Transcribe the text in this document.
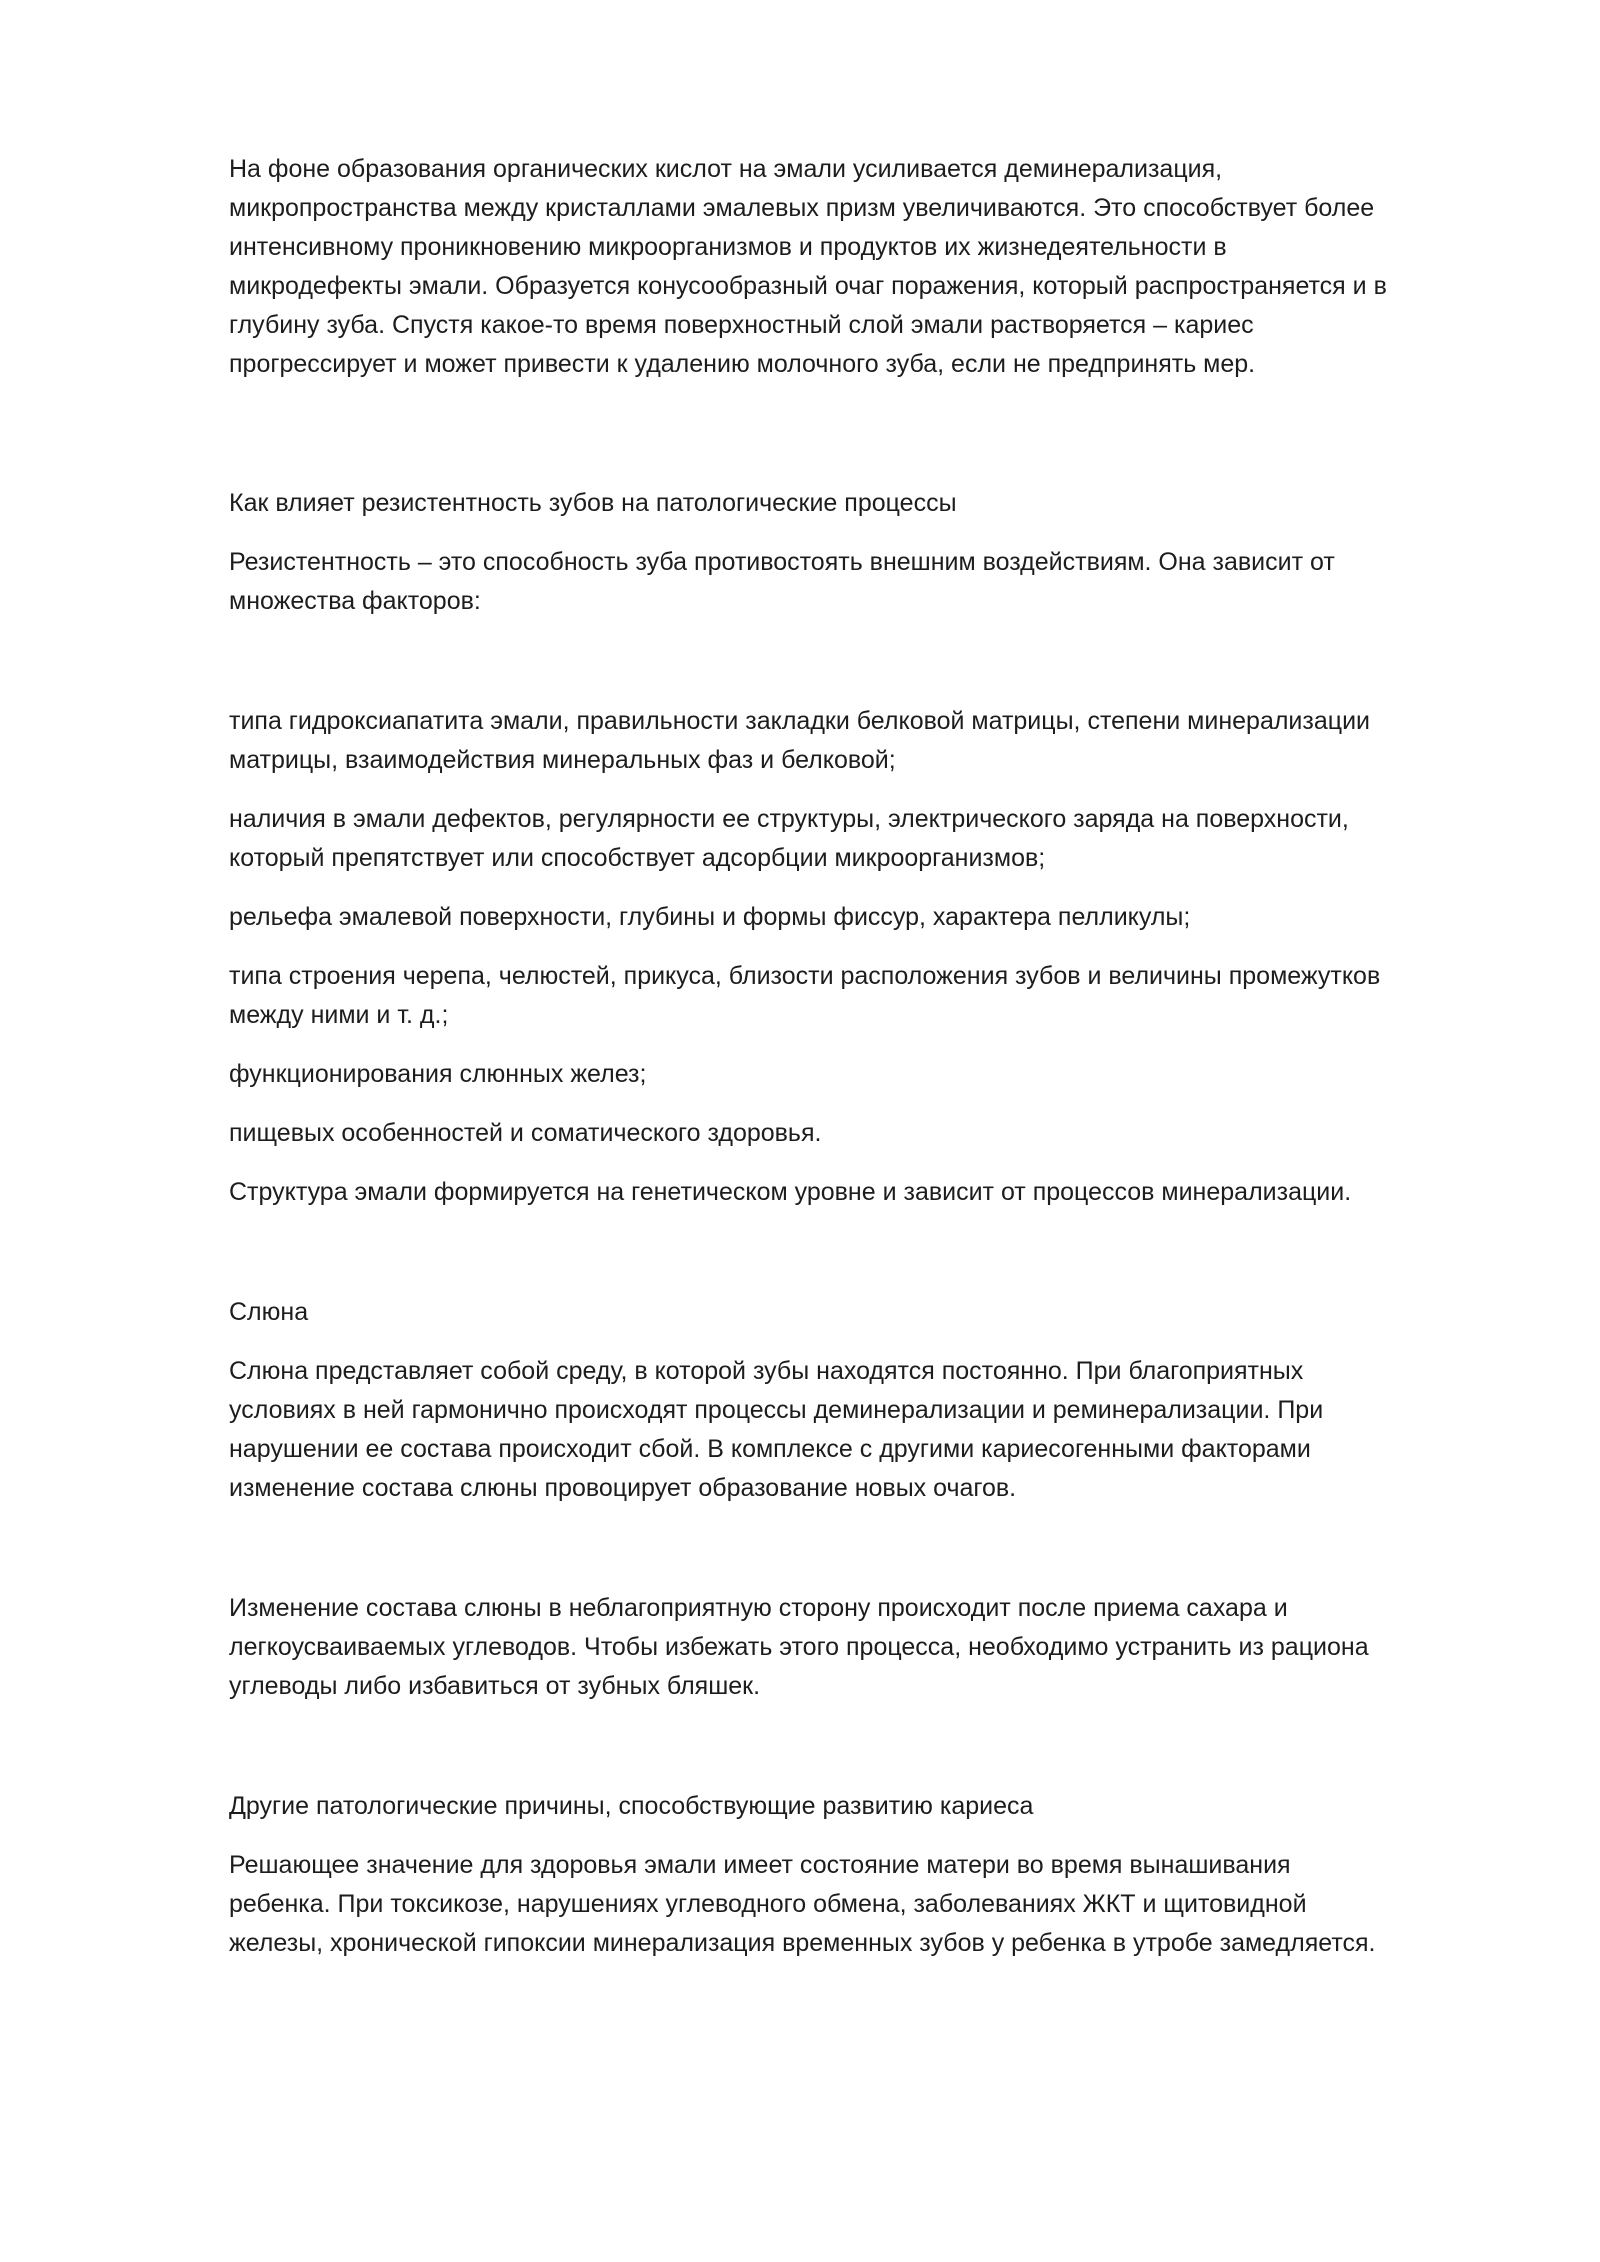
На фоне образования органических кислот на эмали усиливается деминерализация,
микропространства между кристаллами эмалевых призм увеличиваются. Это способствует более
интенсивному проникновению микроорганизмов и продуктов их жизнедеятельности в
микродефекты эмали. Образуется конусообразный очаг поражения, который распространяется и в
глубину зуба. Спустя какое-то время поверхностный слой эмали растворяется – кариес
прогрессирует и может привести к удалению молочного зуба, если не предпринять мер.

Как влияет резистентность зубов на патологические процессы

Резистентность – это способность зуба противостоять внешним воздействиям. Она зависит от
множества факторов:

типа гидроксиапатита эмали, правильности закладки белковой матрицы, степени минерализации
матрицы, взаимодействия минеральных фаз и белковой;

наличия в эмали дефектов, регулярности ее структуры, электрического заряда на поверхности,
который препятствует или способствует адсорбции микроорганизмов;

рельефа эмалевой поверхности, глубины и формы фиссур, характера пелликулы;

типа строения черепа, челюстей, прикуса, близости расположения зубов и величины промежутков
между ними и т. д.;

функционирования слюнных желез;

пищевых особенностей и соматического здоровья.

Структура эмали формируется на генетическом уровне и зависит от процессов минерализации.

Слюна

Слюна представляет собой среду, в которой зубы находятся постоянно. При благоприятных
условиях в ней гармонично происходят процессы деминерализации и реминерализации. При
нарушении ее состава происходит сбой. В комплексе с другими кариесогенными факторами
изменение состава слюны провоцирует образование новых очагов.

Изменение состава слюны в неблагоприятную сторону происходит после приема сахара и
легкоусваиваемых углеводов. Чтобы избежать этого процесса, необходимо устранить из рациона
углеводы либо избавиться от зубных бляшек.

Другие патологические причины, способствующие развитию кариеса

Решающее значение для здоровья эмали имеет состояние матери во время вынашивания
ребенка. При токсикозе, нарушениях углеводного обмена, заболеваниях ЖКТ и щитовидной
железы, хронической гипоксии минерализация временных зубов у ребенка в утробе замедляется.
